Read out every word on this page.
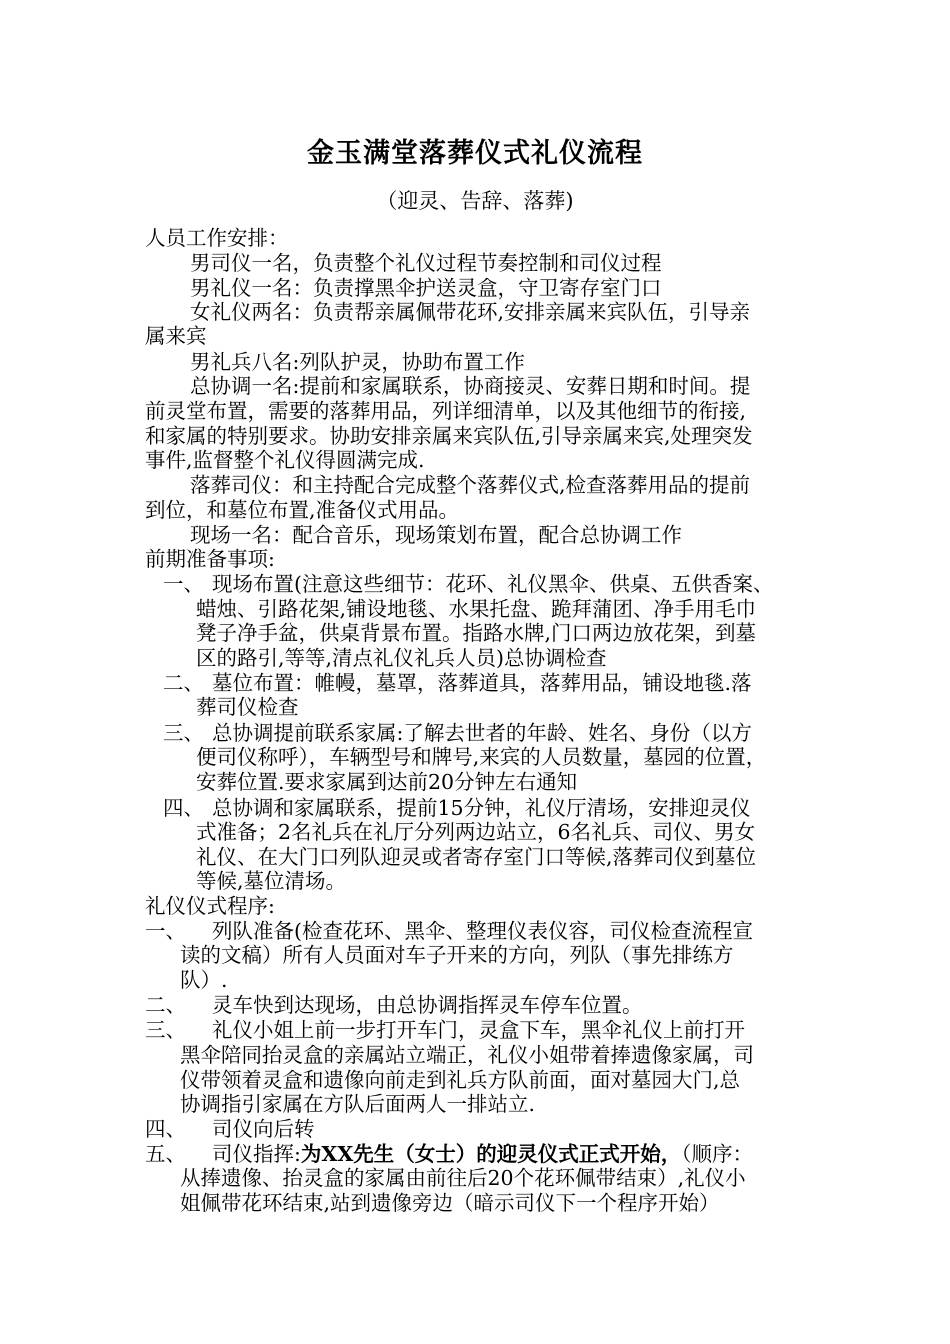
金玉满堂落葬仪式礼仪流程
（迎灵、告辞、落葬)
人员工作安排：
男司仪一名，负责整个礼仪过程节奏控制和司仪过程
男礼仪一名：负责撑黑伞护送灵盒，守卫寄存室门口
女礼仪两名：负责帮亲属佩带花环,安排亲属来宾队伍，引导亲
属来宾
男礼兵八名:列队护灵，协助布置工作
总协调一名:提前和家属联系，协商接灵、安葬日期和时间。提
前灵堂布置，需要的落葬用品，列详细清单，以及其他细节的衔接,
和家属的特别要求。协助安排亲属来宾队伍,引导亲属来宾,处理突发
事件,监督整个礼仪得圆满完成.
落葬司仪：和主持配合完成整个落葬仪式,检查落葬用品的提前
到位，和墓位布置,准备仪式用品。
现场一名：配合音乐，现场策划布置，配合总协调工作
前期准备事项:
一、 现场布置(注意这些细节：花环、礼仪黑伞、供桌、五供香案、
蜡烛、引路花架,铺设地毯、水果托盘、跪拜蒲团、净手用毛巾
凳子净手盆，供桌背景布置。指路水牌,门口两边放花架，到墓
区的路引,等等,清点礼仪礼兵人员)总协调检查
二、 墓位布置：帷幔，墓罩，落葬道具，落葬用品，铺设地毯.落
葬司仪检查
三、 总协调提前联系家属:了解去世者的年龄、姓名、身份（以方
便司仪称呼），车辆型号和牌号,来宾的人员数量，墓园的位置，
安葬位置.要求家属到达前20分钟左右通知
四、 总协调和家属联系，提前15分钟，礼仪厅清场，安排迎灵仪
式准备；2名礼兵在礼厅分列两边站立，6名礼兵、司仪、男女
礼仪、在大门口列队迎灵或者寄存室门口等候,落葬司仪到墓位
等候,墓位清场。
礼仪仪式程序:
一、 列队准备(检查花环、黑伞、整理仪表仪容，司仪检查流程宣
读的文稿）所有人员面对车子开来的方向，列队（事先排练方
队）.
二、 灵车快到达现场，由总协调指挥灵车停车位置。
三、 礼仪小姐上前一步打开车门，灵盒下车，黑伞礼仪上前打开
黑伞陪同抬灵盒的亲属站立端正，礼仪小姐带着捧遗像家属，司
仪带领着灵盒和遗像向前走到礼兵方队前面，面对墓园大门,总
协调指引家属在方队后面两人一排站立.
四、 司仪向后转
五、 司仪指挥:为XX先生（女士）的迎灵仪式正式开始，（顺序：
从捧遗像、抬灵盒的家属由前往后20个花环佩带结束）,礼仪小
姐佩带花环结束,站到遗像旁边（暗示司仪下一个程序开始）
